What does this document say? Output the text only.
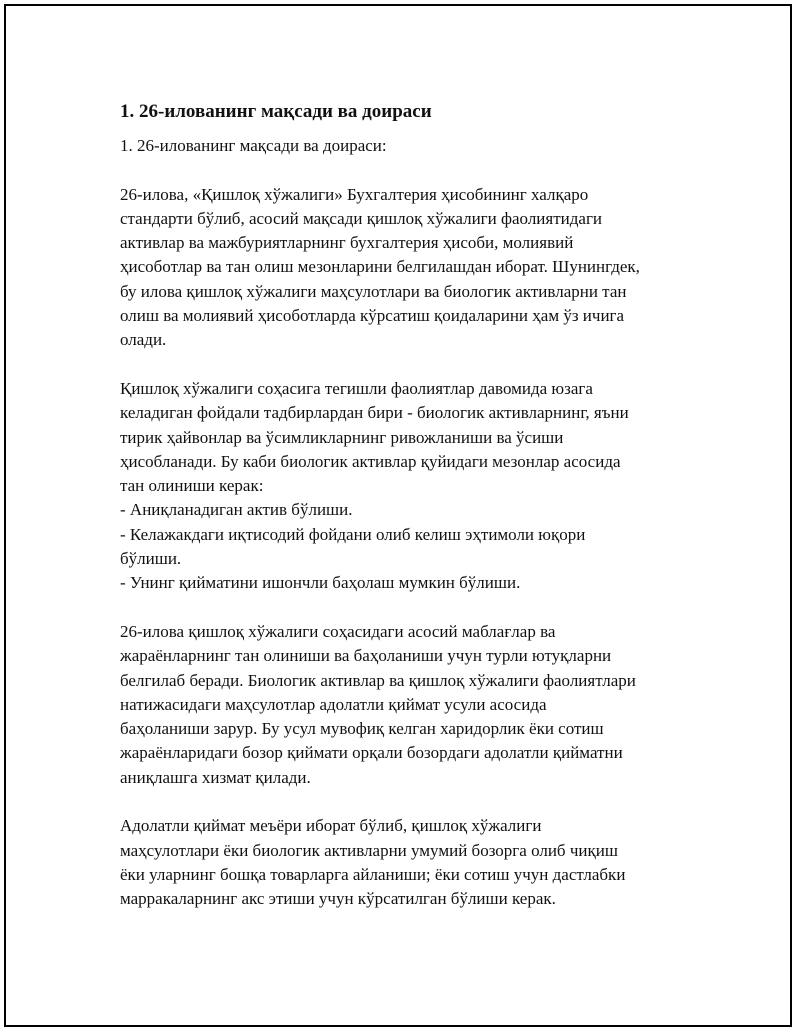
1. 26-илованинг мақсади ва доираси
1. 26-илованинг мақсади ва доираси:
26-илова, «Қишлоқ хўжалиги» Бухгалтерия ҳисобининг халқаро
стандарти бўлиб, асосий мақсади қишлоқ хўжалиги фаолиятидаги
активлар ва мажбуриятларнинг бухгалтерия ҳисоби, молиявий
ҳисоботлар ва тан олиш мезонларини белгилашдан иборат. Шунингдек,
бу илова қишлоқ хўжалиги маҳсулотлари ва биологик активларни тан
олиш ва молиявий ҳисоботларда кўрсатиш қоидаларини ҳам ўз ичига
олади.
Қишлоқ хўжалиги соҳасига тегишли фаолиятлар давомида юзага
келадиган фойдали тадбирлардан бири - биологик активларнинг, яъни
тирик ҳайвонлар ва ўсимликларнинг ривожланиши ва ўсиши
ҳисобланади. Бу каби биологик активлар қуйидаги мезонлар асосида
тан олиниши керак:
- Аниқланадиган актив бўлиши.
- Келажакдаги иқтисодий фойдани олиб келиш эҳтимоли юқори
бўлиши.
- Унинг қийматини ишончли баҳолаш мумкин бўлиши.
26-илова қишлоқ хўжалиги соҳасидаги асосий маблағлар ва
жараёнларнинг тан олиниши ва баҳоланиши учун турли ютуқларни
белгилаб беради. Биологик активлар ва қишлоқ хўжалиги фаолиятлари
натижасидаги маҳсулотлар адолатли қиймат усули асосида
баҳоланиши зарур. Бу усул мувофиқ келган харидорлик ёки сотиш
жараёнларидаги бозор қиймати орқали бозордаги адолатли қийматни
аниқлашга хизмат қилади.
Адолатли қиймат меъёри иборат бўлиб, қишлоқ хўжалиги
маҳсулотлари ёки биологик активларни умумий бозорга олиб чиқиш
ёки уларнинг бошқа товарларга айланиши; ёки сотиш учун дастлабки
марракаларнинг акс этиши учун кўрсатилган бўлиши керак.
